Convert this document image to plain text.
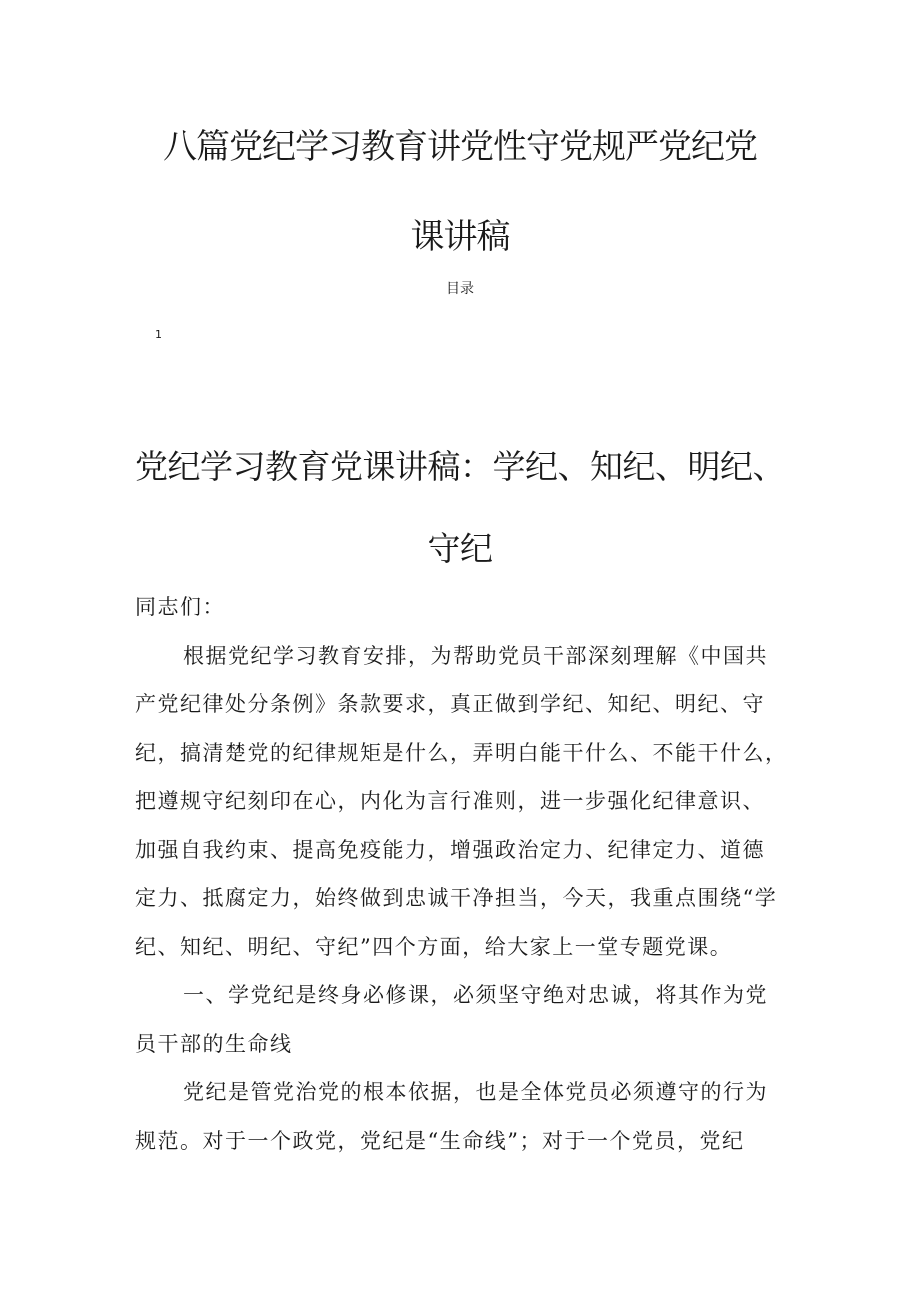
八篇党纪学习教育讲党性守党规严党纪党
课讲稿
目录
1
党纪学习教育党课讲稿：学纪、知纪、明纪、
守纪
同志们：
根据党纪学习教育安排，为帮助党员干部深刻理解《中国共
产党纪律处分条例》条款要求，真正做到学纪、知纪、明纪、守
纪，搞清楚党的纪律规矩是什么，弄明白能干什么、不能干什么，
把遵规守纪刻印在心，内化为言行准则，进一步强化纪律意识、
加强自我约束、提高免疫能力，增强政治定力、纪律定力、道德
定力、抵腐定力，始终做到忠诚干净担当，今天，我重点围绕“学
纪、知纪、明纪、守纪”四个方面，给大家上一堂专题党课。
一、学党纪是终身必修课，必须坚守绝对忠诚，将其作为党
员干部的生命线
党纪是管党治党的根本依据，也是全体党员必须遵守的行为
规范。对于一个政党，党纪是“生命线”；对于一个党员，党纪
